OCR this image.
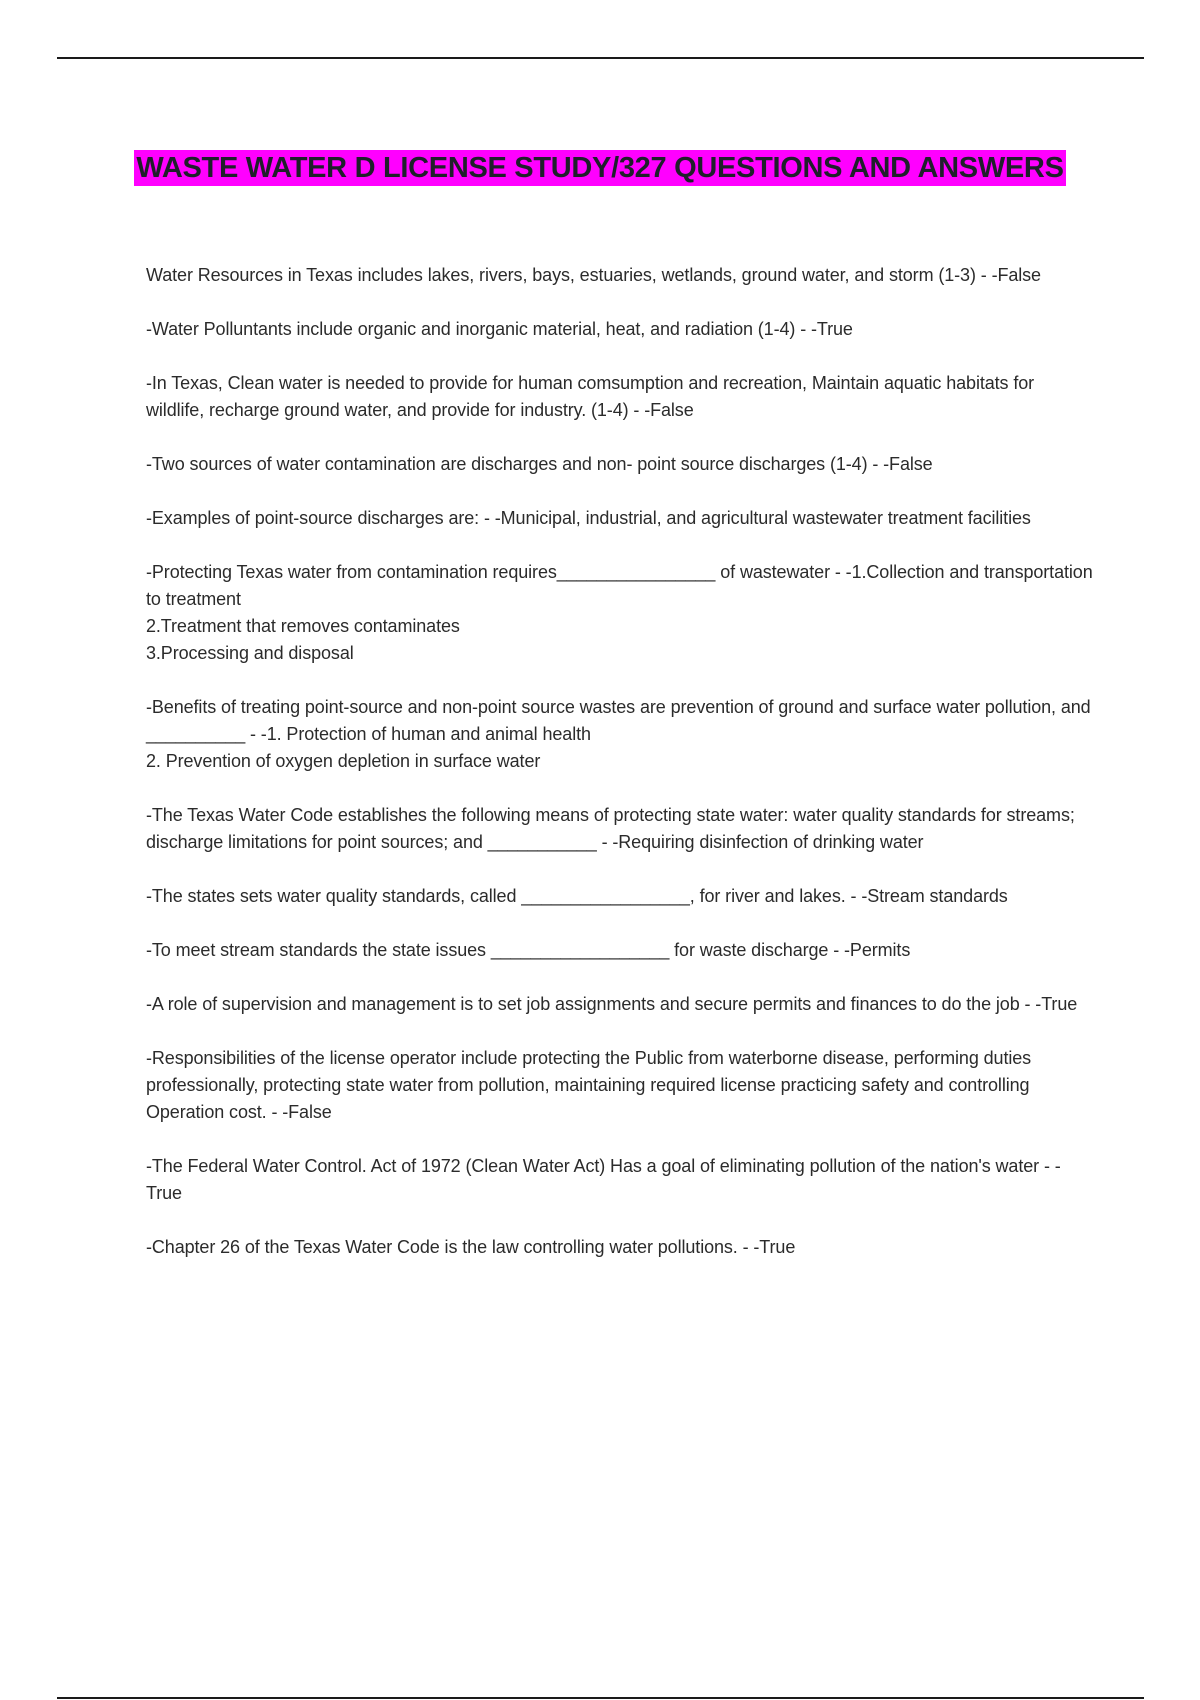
WASTE WATER D LICENSE STUDY/327 QUESTIONS AND ANSWERS
Water Resources in Texas includes lakes, rivers, bays, estuaries, wetlands, ground water, and storm (1-3) - -False
-Water Polluntants include organic and inorganic material, heat, and radiation (1-4) - -True
-In Texas, Clean water is needed to provide for human comsumption and recreation, Maintain aquatic habitats for wildlife, recharge ground water, and provide for industry. (1-4) - -False
-Two sources of water contamination are discharges and non- point source discharges (1-4) - -False
-Examples of point-source discharges are: - -Municipal, industrial, and agricultural wastewater treatment facilities
-Protecting Texas water from contamination requires________________ of wastewater - -1.Collection and transportation to treatment
2.Treatment that removes contaminates
3.Processing and disposal
-Benefits of treating point-source and non-point source wastes are prevention of ground and surface water pollution, and __________ - -1. Protection of human and animal health
2. Prevention of oxygen depletion in surface water
-The Texas Water Code establishes the following means of protecting state water: water quality standards for streams; discharge limitations for point sources; and ___________ - -Requiring disinfection of drinking water
-The states sets water quality standards, called _________________, for river and lakes. - -Stream standards
-To meet stream standards the state issues __________________ for waste discharge - -Permits
-A role of supervision and management is to set job assignments and secure permits and finances to do the job - -True
-Responsibilities of the license operator include protecting the Public from waterborne disease, performing duties professionally, protecting state water from pollution, maintaining required license practicing safety and controlling Operation cost. - -False
-The Federal Water Control. Act of 1972 (Clean Water Act) Has a goal of eliminating pollution of the nation's water - -True
-Chapter 26 of the Texas Water Code is the law controlling water pollutions. - -True
